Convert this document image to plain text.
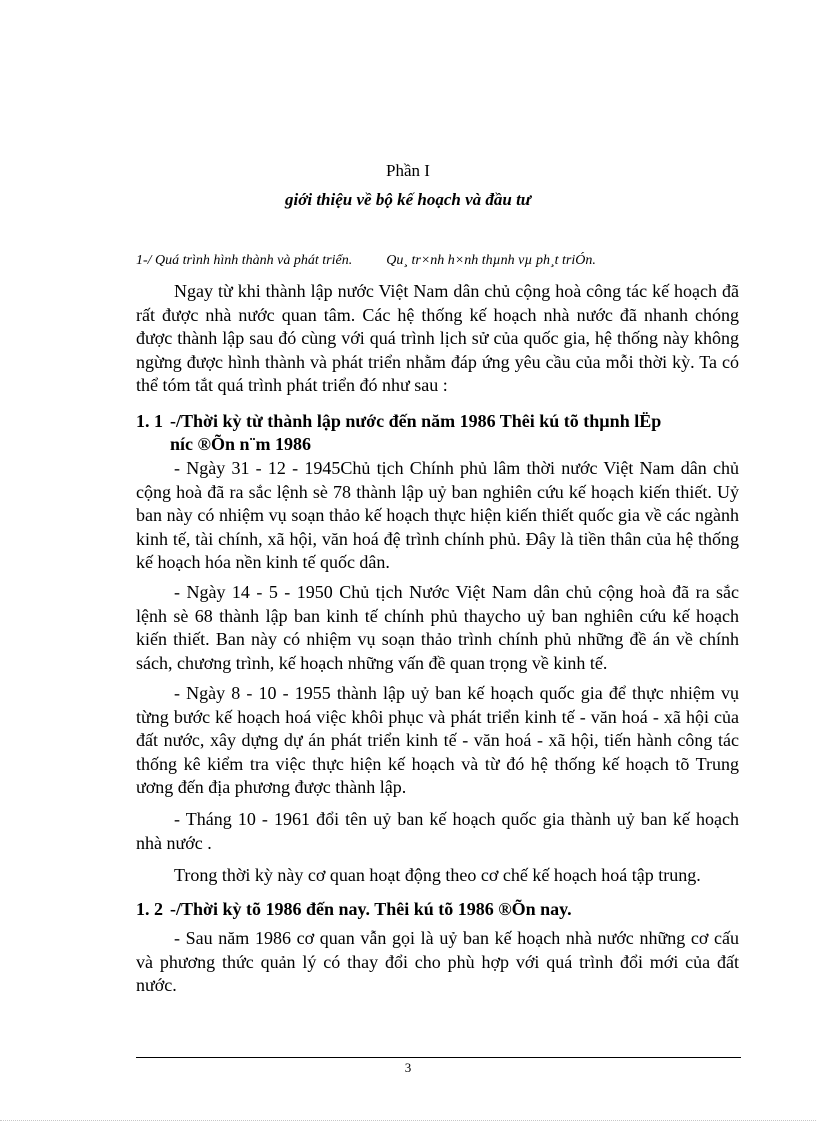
Phần I
giới thiệu về bộ kế hoạch và đầu tư
1-/ Quá trình hình thành và phát triển. Qu¸ tr×nh h×nh thµnh vµ ph¸t triÓn.

Ngay từ khi thành lập nước Việt Nam dân chủ cộng hoà công tác kế hoạch đã rất được nhà nước quan tâm. Các hệ thống kế hoạch nhà nước đã nhanh chóng được thành lập sau đó cùng với quá trình lịch sử của quốc gia, hệ thống này không ngừng được hình thành và phát triển nhằm đáp ứng yêu cầu của mỗi thời kỳ. Ta có thể tóm tắt quá trình phát triển đó như sau :

1. 1 -/Thời kỳ từ thành lập nước đến năm 1986 Thêi kú tõ thµnh lËp
níc ®Õn n¨m 1986

- Ngày 31 - 12 - 1945Chủ tịch Chính phủ lâm thời nước Việt Nam dân chủ cộng hoà đã ra sắc lệnh sè 78 thành lập uỷ ban nghiên cứu kế hoạch kiến thiết. Uỷ ban này có nhiệm vụ soạn thảo kế hoạch thực hiện kiến thiết quốc gia về các ngành kinh tế, tài chính, xã hội, văn hoá đệ trình chính phủ. Đây là tiền thân của hệ thống kế hoạch hóa nền kinh tế quốc dân.

- Ngày 14 - 5 - 1950 Chủ tịch Nước Việt Nam dân chủ cộng hoà đã ra sắc lệnh sè 68 thành lập ban kinh tế chính phủ thaycho uỷ ban nghiên cứu kế hoạch kiến thiết. Ban này có nhiệm vụ soạn thảo trình chính phủ những đề án về chính sách, chương trình, kế hoạch những vấn đề quan trọng về kinh tế.

- Ngày 8 - 10 - 1955 thành lập uỷ ban kế hoạch quốc gia để thực nhiệm vụ từng bước kế hoạch hoá việc khôi phục và phát triển kinh tế - văn hoá - xã hội của đất nước, xây dựng dự án phát triển kinh tế - văn hoá - xã hội, tiến hành công tác thống kê kiểm tra việc thực hiện kế hoạch và từ đó hệ thống kế hoạch tõ Trung ương đến địa phương được thành lập.

- Tháng 10 - 1961 đổi tên uỷ ban kế hoạch quốc gia thành uỷ ban kế hoạch nhà nước .

Trong thời kỳ này cơ quan hoạt động theo cơ chế kế hoạch hoá tập trung.

1. 2 -/Thời kỳ tõ 1986 đến nay. Thêi kú tõ 1986 ®Õn nay.

- Sau năm 1986 cơ quan vẫn gọi là uỷ ban kế hoạch nhà nước những cơ cấu và phương thức quản lý có thay đổi cho phù hợp với quá trình đổi mới của đất nước.

3
